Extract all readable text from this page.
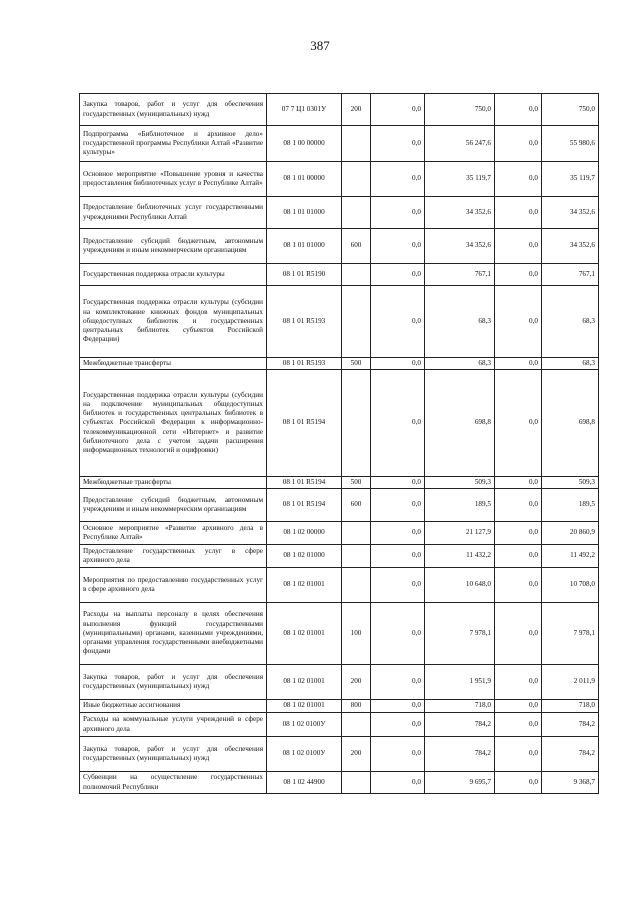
387
Закупка товаров, работ и услуг для обеспечения государственных (муниципальных) нужд	07 7 Ц1 0301У	200	0,0	750,0	0,0	750,0
Подпрограмма «Библиотечное и архивное дело» государственной программы Республики Алтай «Развитие культуры»	08 1 00 00000		0,0	56 247,6	0,0	55 980,6
Основное мероприятие «Повышение уровня и качества предоставления библиотечных услуг в Республике Алтай»	08 1 01 00000		0,0	35 119,7	0,0	35 119,7
Предоставление библиотечных услуг государственными учреждениями Республики Алтай	08 1 01 01000		0,0	34 352,6	0,0	34 352,6
Предоставление субсидий бюджетным, автономным учреждениям и иным некоммерческим организациям	08 1 01 01000	600	0,0	34 352,6	0,0	34 352,6
Государственная поддержка отрасли культуры	08 1 01 R5190		0,0	767,1	0,0	767,1
Государственная поддержка отрасли культуры (субсидии на комплектование книжных фондов муниципальных общедоступных библиотек и государственных центральных библиотек субъектов Российской Федерации)	08 1 01 R5193		0,0	68,3	0,0	68,3
Межбюджетные трансферты	08 1 01 R5193	500	0,0	68,3	0,0	68,3
Государственная поддержка отрасли культуры (субсидии на подключение муниципальных общедоступных библиотек и государственных центральных библиотек в субъектах Российской Федерации к информационно-телекоммуникационной сети «Интернет» и развитие библиотечного дела с учетом задачи расширения информационных технологий и оцифровки)	08 1 01 R5194		0,0	698,8	0,0	698,8
Межбюджетные трансферты	08 1 01 R5194	500	0,0	509,3	0,0	509,3
Предоставление субсидий бюджетным, автономным учреждениям и иным некоммерческим организациям	08 1 01 R5194	600	0,0	189,5	0,0	189,5
Основное мероприятие «Развитие архивного дела в Республике Алтай»	08 1 02 00000		0,0	21 127,9	0,0	20 860,9
Предоставление государственных услуг в сфере архивного дела	08 1 02 01000		0,0	11 432,2	0,0	11 492,2
Мероприятия по предоставлению государственных услуг в сфере архивного дела	08 1 02 01001		0,0	10 648,0	0,0	10 708,0
Расходы на выплаты персоналу в целях обеспечения выполнения функций государственными (муниципальными) органами, казенными учреждениями, органами управления государственными внебюджетными фондами	08 1 02 01001	100	0,0	7 978,1	0,0	7 978,1
Закупка товаров, работ и услуг для обеспечения государственных (муниципальных) нужд	08 1 02 01001	200	0,0	1 951,9	0,0	2 011,9
Иные бюджетные ассигнования	08 1 02 01001	800	0,0	718,0	0,0	718,0
Расходы на коммунальные услуги учреждений в сфере архивного дела	08 1 02 0100У		0,0	784,2	0,0	784,2
Закупка товаров, работ и услуг для обеспечения государственных (муниципальных) нужд	08 1 02 0100У	200	0,0	784,2	0,0	784,2
Субвенции на осуществление государственных полномочий Республики	08 1 02 44900		0,0	9 695,7	0,0	9 368,7
